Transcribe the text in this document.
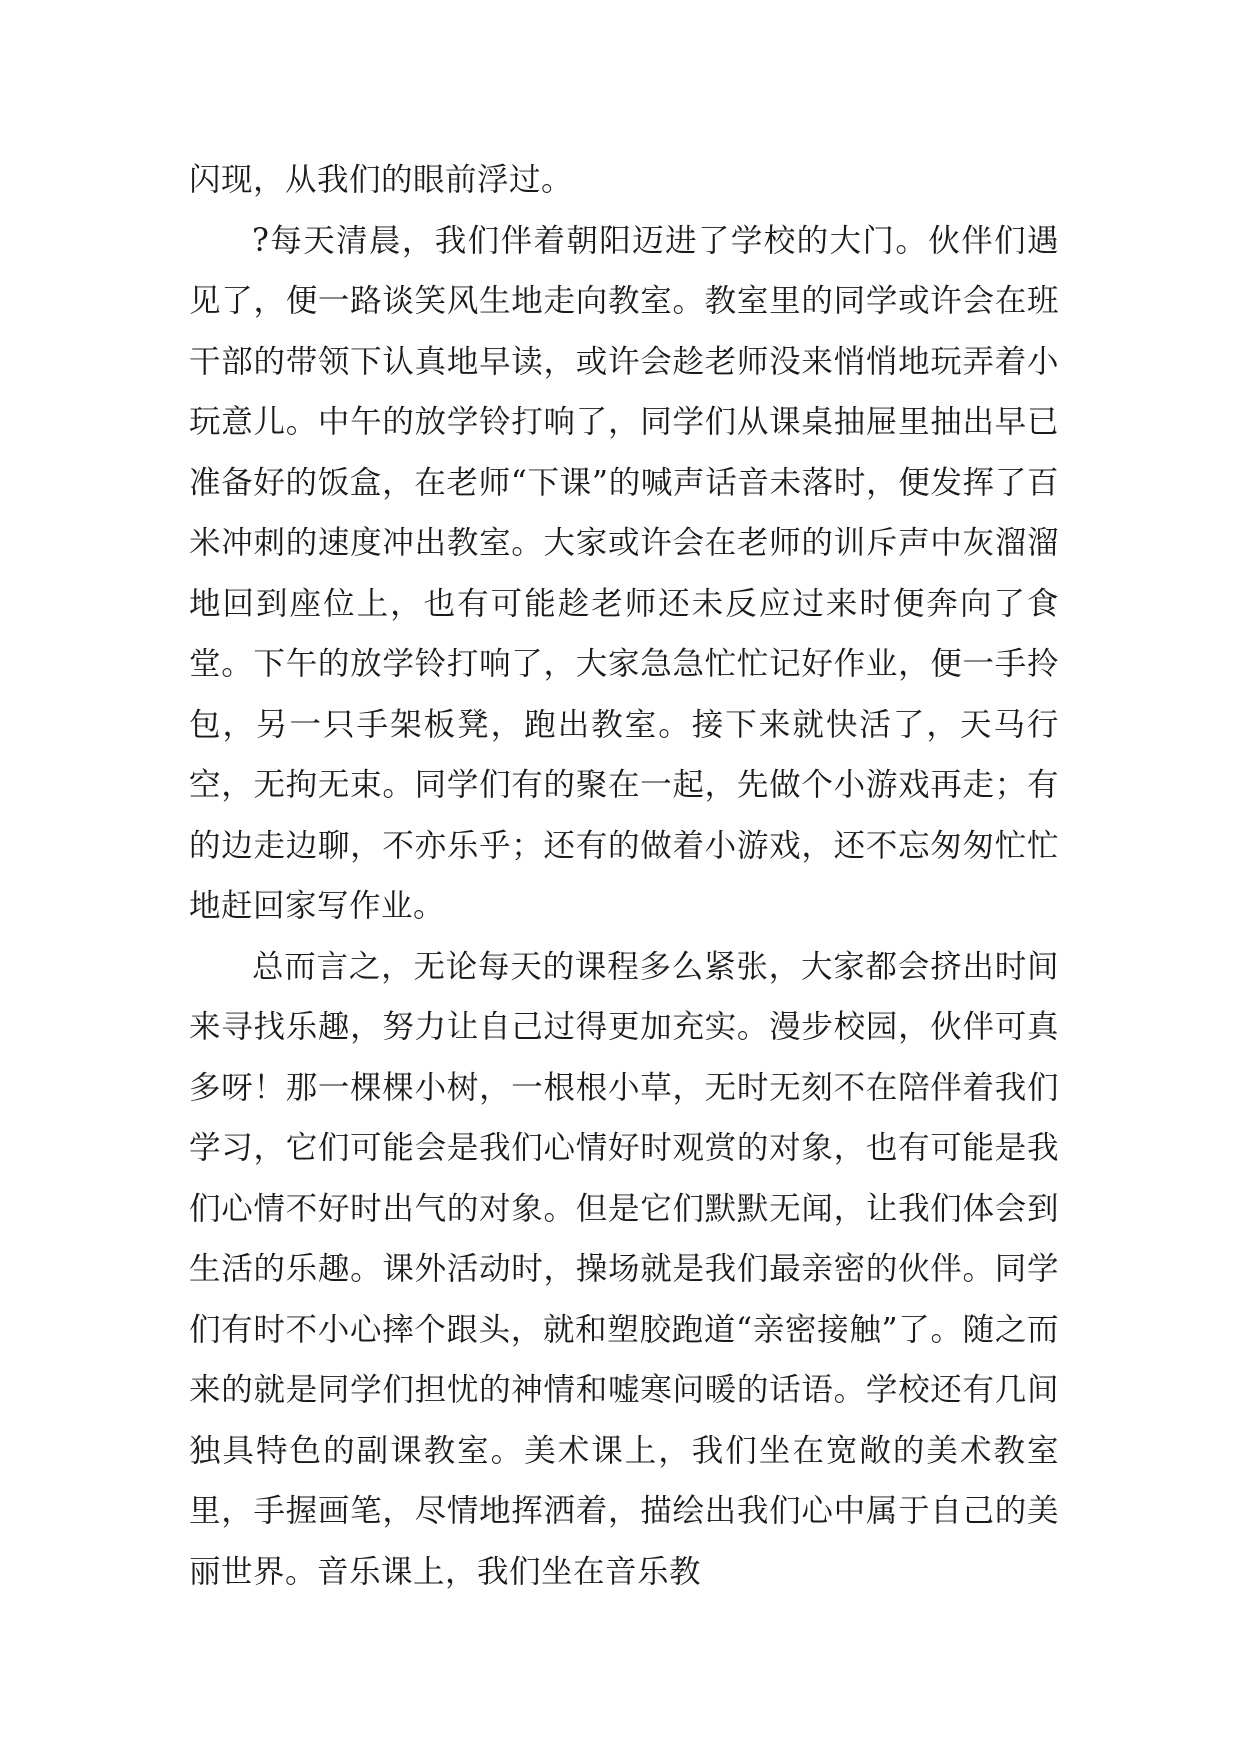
闪现，从我们的眼前浮过。

?每天清晨，我们伴着朝阳迈进了学校的大门。伙伴们遇见了，便一路谈笑风生地走向教室。教室里的同学或许会在班干部的带领下认真地早读，或许会趁老师没来悄悄地玩弄着小玩意儿。中午的放学铃打响了，同学们从课桌抽屉里抽出早已准备好的饭盒，在老师“下课”的喊声话音未落时，便发挥了百米冲刺的速度冲出教室。大家或许会在老师的训斥声中灰溜溜地回到座位上，也有可能趁老师还未反应过来时便奔向了食堂。下午的放学铃打响了，大家急急忙忙记好作业，便一手拎包，另一只手架板凳，跑出教室。接下来就快活了，天马行空，无拘无束。同学们有的聚在一起，先做个小游戏再走；有的边走边聊，不亦乐乎；还有的做着小游戏，还不忘匆匆忙忙地赶回家写作业。

总而言之，无论每天的课程多么紧张，大家都会挤出时间来寻找乐趣，努力让自己过得更加充实。漫步校园，伙伴可真多呀！那一棵棵小树，一根根小草，无时无刻不在陪伴着我们学习，它们可能会是我们心情好时观赏的对象，也有可能是我们心情不好时出气的对象。但是它们默默无闻，让我们体会到生活的乐趣。课外活动时，操场就是我们最亲密的伙伴。同学们有时不小心摔个跟头，就和塑胶跑道“亲密接触”了。随之而来的就是同学们担忧的神情和嘘寒问暖的话语。学校还有几间独具特色的副课教室。美术课上，我们坐在宽敞的美术教室里，手握画笔，尽情地挥洒着，描绘出我们心中属于自己的美丽世界。音乐课上，我们坐在音乐教
